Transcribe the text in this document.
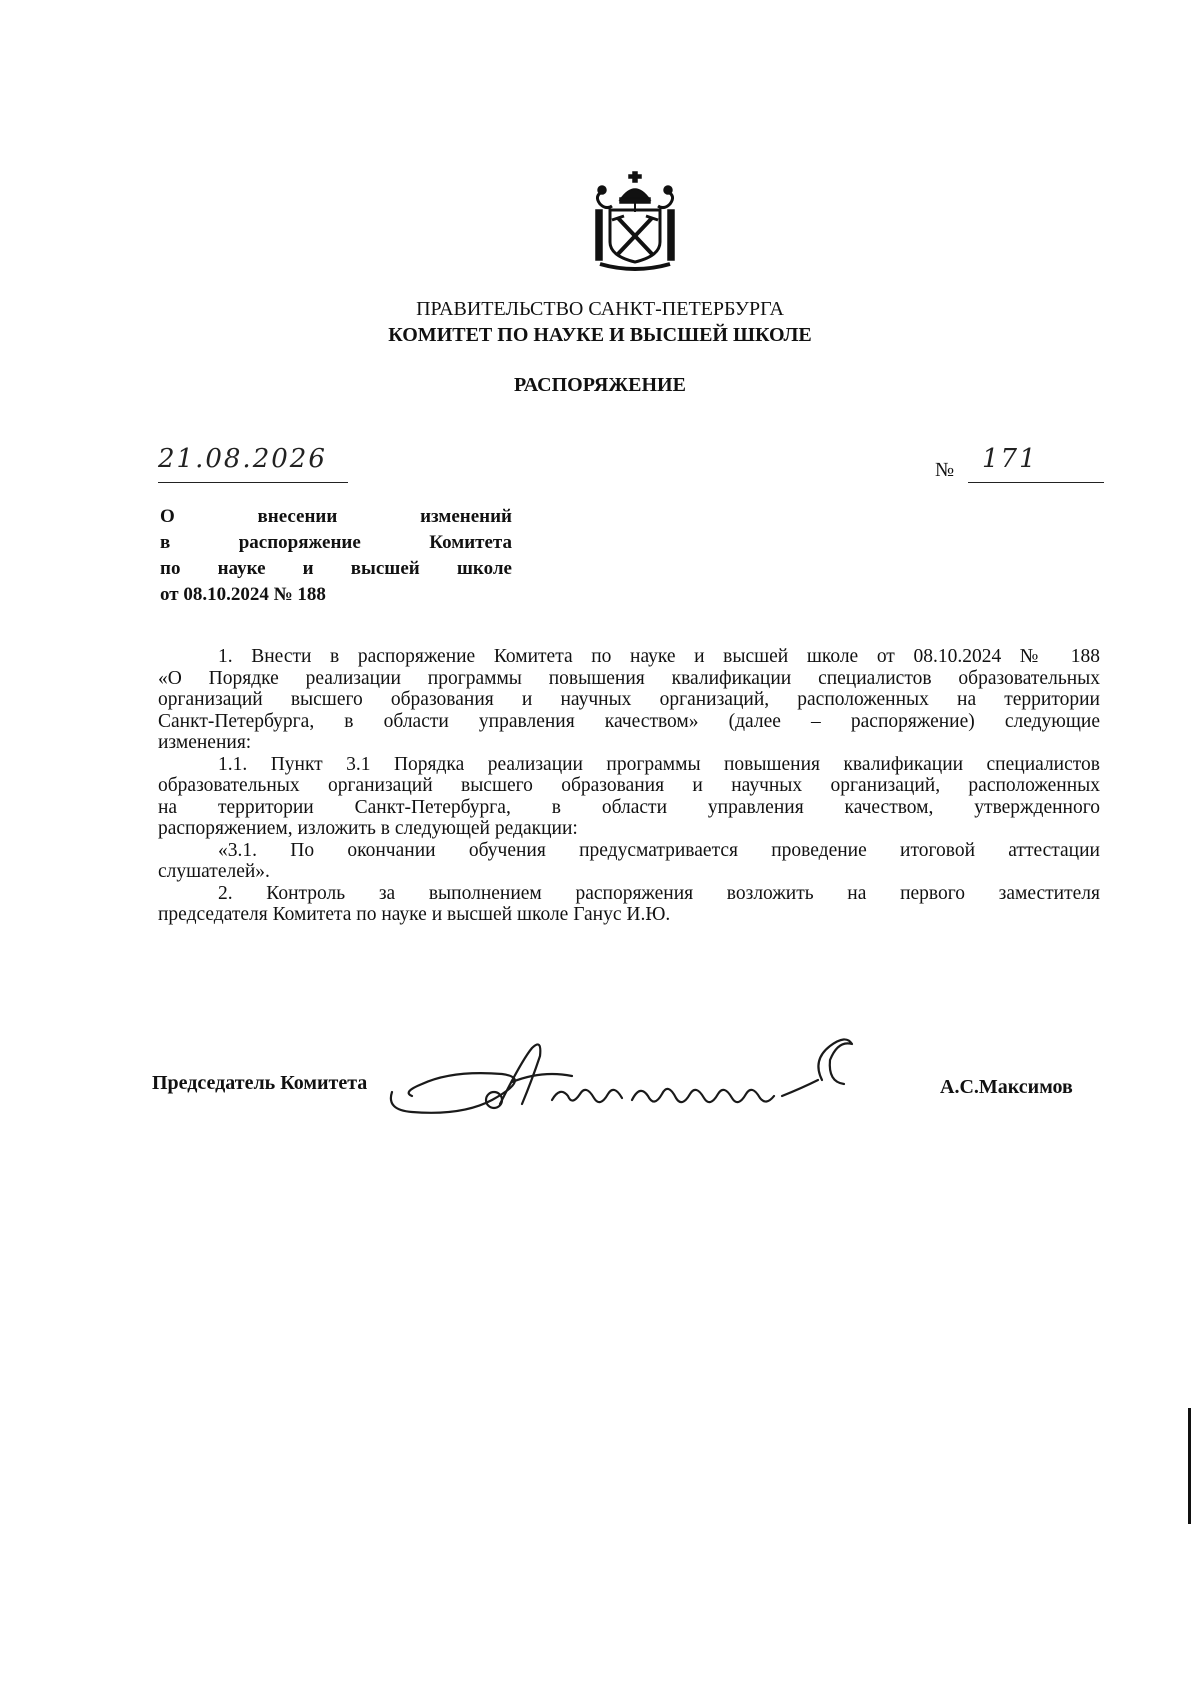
ПРАВИТЕЛЬСТВО САНКТ-ПЕТЕРБУРГА
КОМИТЕТ ПО НАУКЕ И ВЫСШЕЙ ШКОЛЕ
РАСПОРЯЖЕНИЕ
21.08.2026	№ 171
О	внесении	изменений
в	распоряжение	Комитета
по науке и высшей школе
от 08.10.2024 № 188
1. Внести в распоряжение Комитета по науке и высшей школе от 08.10.2024 № 188
«О Порядке реализации программы повышения квалификации специалистов образовательных
организаций высшего образования и научных организаций, расположенных на территории
Санкт-Петербурга, в области управления качеством» (далее – распоряжение) следующие
изменения:
1.1. Пункт 3.1 Порядка реализации программы повышения квалификации специалистов
образовательных организаций высшего образования и научных организаций, расположенных
на территории Санкт-Петербурга, в области управления качеством, утвержденного
распоряжением, изложить в следующей редакции:
«3.1. По окончании обучения предусматривается проведение итоговой аттестации
слушателей».
2. Контроль за выполнением распоряжения возложить на первого заместителя
председателя Комитета по науке и высшей школе Ганус И.Ю.
Председатель Комитета	А.С.Максимов
